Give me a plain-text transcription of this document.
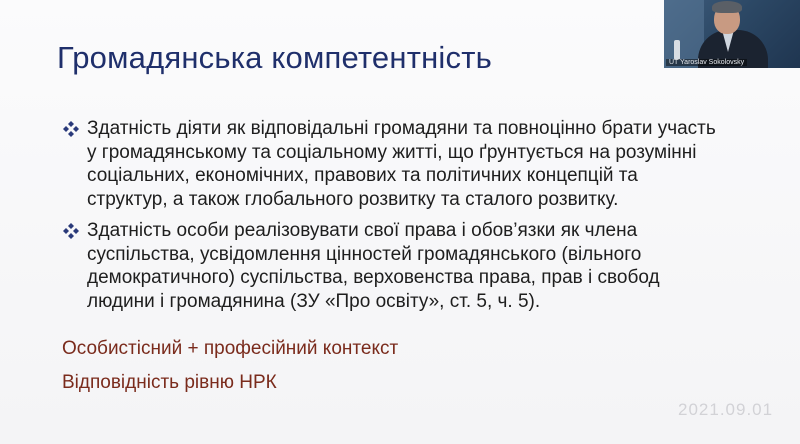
Громадянська компетентність
Здатність діяти як відповідальні громадяни та повноцінно брати участь у громадянському та соціальному житті, що ґрунтується на розумінні соціальних, економічних, правових та політичних концепцій та структур, а також глобального розвитку та сталого розвитку.
Здатність особи реалізовувати свої права і обов’язки як члена суспільства, усвідомлення цінностей громадянського (вільного демократичного) суспільства, верховенства права, прав і свобод людини і громадянина (ЗУ «Про освіту», ст. 5, ч. 5).
Особистісний + професійний контекст
Відповідність рівню НРК
2021.09.01
UT Yaroslav Sokolovsky
